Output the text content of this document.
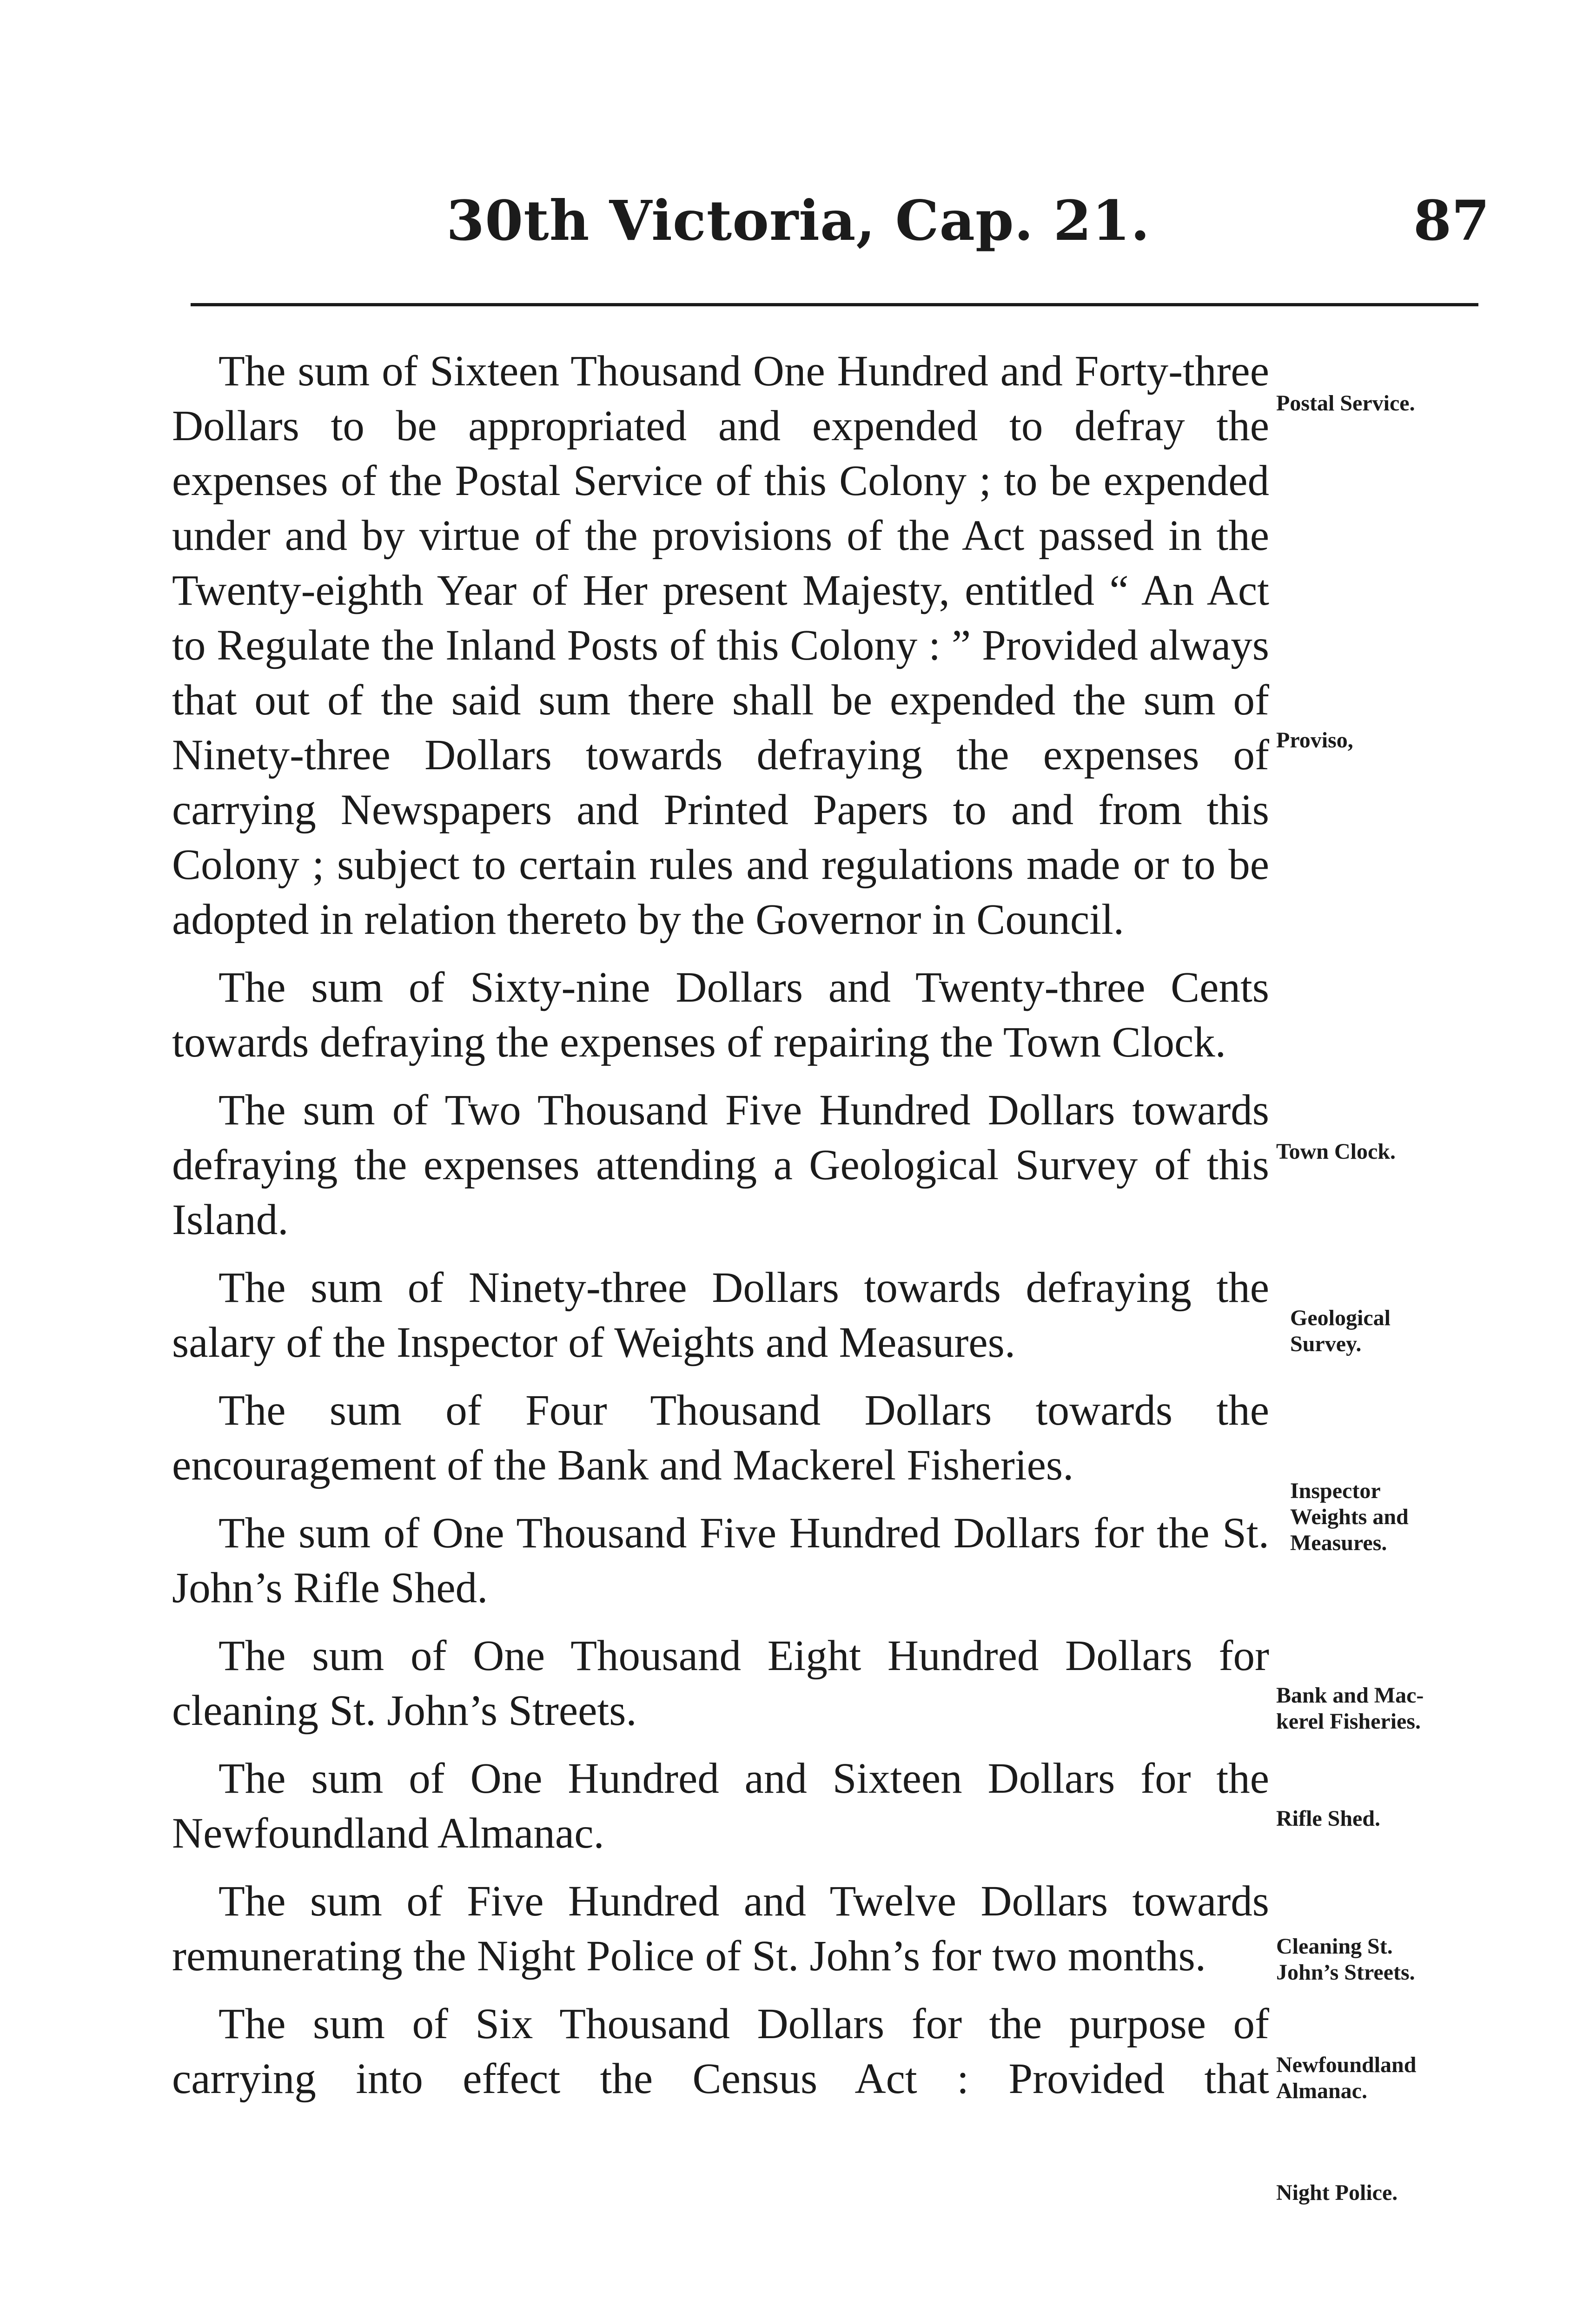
30th Victoria, Cap. 21.	87

The sum of Sixteen Thousand One Hundred and Forty-three Dollars to be appropriated and expended to defray the expenses of the Postal Service of this Colony ; to be expended under and by virtue of the provisions of the Act passed in the Twenty-eighth Year of Her present Majesty, entitled “ An Act to Regulate the Inland Posts of this Colony : ” Provided always that out of the said sum there shall be expended the sum of Ninety-three Dollars towards defraying the expenses of carrying Newspapers and Printed Papers to and from this Colony ; subject to certain rules and regulations made or to be adopted in relation thereto by the Governor in Council.

The sum of Sixty-nine Dollars and Twenty-three Cents towards defraying the expenses of repairing the Town Clock.

The sum of Two Thousand Five Hundred Dollars towards defraying the expenses attending a Geological Survey of this Island.

The sum of Ninety-three Dollars towards defraying the salary of the Inspector of Weights and Measures.

The sum of Four Thousand Dollars towards the encouragement of the Bank and Mackerel Fisheries.

The sum of One Thousand Five Hundred Dollars for the St. John’s Rifle Shed.

The sum of One Thousand Eight Hundred Dollars for cleaning St. John’s Streets.

The sum of One Hundred and Sixteen Dollars for the Newfoundland Almanac.

The sum of Five Hundred and Twelve Dollars towards remunerating the Night Police of St. John’s for two months.

The sum of Six Thousand Dollars for the purpose of carrying into effect the Census Act : Provided that

Postal Service.
Proviso,
Town Clock.
Geological
Survey.
Inspector
Weights and
Measures.
Bank and Mac-
kerel Fisheries.
Rifle Shed.
Cleaning St.
John’s Streets.
Newfoundland
Almanac.
Night Police.
